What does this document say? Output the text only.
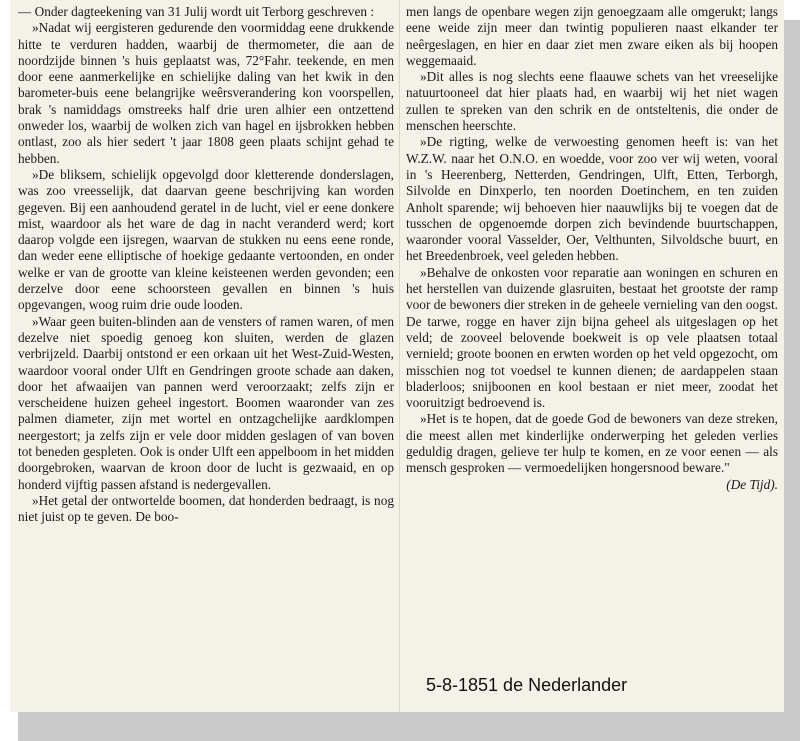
— Onder dagteekening van 31 Julij wordt uit Terborg geschreven :

»Nadat wij eergisteren gedurende den voormiddag eene drukkende hitte te verduren hadden, waarbij de thermometer, die aan de noordzijde binnen 's huis geplaatst was, 72°Fahr. teekende, en men door eene aanmerkelijke en schielijke daling van het kwik in den barometer-buis eene belangrijke weêrsverandering kon voorspellen, brak 's namiddags omstreeks half drie uren alhier een ontzettend onweder los, waarbij de wolken zich van hagel en ijsbrokken hebben ontlast, zoo als hier sedert 't jaar 1808 geen plaats schijnt gehad te hebben.

»De bliksem, schielijk opgevolgd door kletterende donderslagen, was zoo vreesselijk, dat daarvan geene beschrijving kan worden gegeven. Bij een aanhoudend geratel in de lucht, viel er eene donkere mist, waardoor als het ware de dag in nacht veranderd werd; kort daarop volgde een ijsregen, waarvan de stukken nu eens eene ronde, dan weder eene elliptische of hoekige gedaante vertoonden, en onder welke er van de grootte van kleine keisteenen werden gevonden; een derzelve door eene schoorsteen gevallen en binnen 's huis opgevangen, woog ruim drie oude looden.

»Waar geen buiten-blinden aan de vensters of ramen waren, of men dezelve niet spoedig genoeg kon sluiten, werden de glazen verbrijzeld. Daarbij ontstond er een orkaan uit het West-Zuid-Westen, waardoor vooral onder Ulft en Gendringen groote schade aan daken, door het afwaaijen van pannen werd veroorzaakt; zelfs zijn er verscheidene huizen geheel ingestort. Boomen waaronder van zes palmen diameter, zijn met wortel en ontzagchelijke aardklompen neergestort; ja zelfs zijn er vele door midden geslagen of van boven tot beneden gespleten. Ook is onder Ulft een appelboom in het midden doorgebroken, waarvan de kroon door de lucht is gezwaaid, en op honderd vijftig passen afstand is nedergevallen.

»Het getal der ontwortelde boomen, dat honderden bedraagt, is nog niet juist op te geven. De boo-

men langs de openbare wegen zijn genoegzaam alle omgerukt; langs eene weide zijn meer dan twintig populieren naast elkander ter neêrgeslagen, en hier en daar ziet men zware eiken als bij hoopen weggemaaid.

»Dit alles is nog slechts eene flaauwe schets van het vreeselijke natuurtooneel dat hier plaats had, en waarbij wij het niet wagen zullen te spreken van den schrik en de ontsteltenis, die onder de menschen heerschte.

»De rigting, welke de verwoesting genomen heeft is: van het W.Z.W. naar het O.N.O. en woedde, voor zoo ver wij weten, vooral in 's Heerenberg, Netterden, Gendringen, Ulft, Etten, Terborgh, Silvolde en Dinxperlo, ten noorden Doetinchem, en ten zuiden Anholt sparende; wij behoeven hier naauwlijks bij te voegen dat de tusschen de opgenoemde dorpen zich bevindende buurtschappen, waaronder vooral Vasselder, Oer, Velthunten, Silvoldsche buurt, en het Breedenbroek, veel geleden hebben.

»Behalve de onkosten voor reparatie aan woningen en schuren en het herstellen van duizende glasruiten, bestaat het grootste der ramp voor de bewoners dier streken in de geheele vernieling van den oogst. De tarwe, rogge en haver zijn bijna geheel als uitgeslagen op het veld; de zooveel belovende boekweit is op vele plaatsen totaal vernield; groote boonen en erwten worden op het veld opgezocht, om misschien nog tot voedsel te kunnen dienen; de aardappelen staan bladerloos; snijboonen en kool bestaan er niet meer, zoodat het vooruitzigt bedroevend is.

»Het is te hopen, dat de goede God de bewoners van deze streken, die meest allen met kinderlijke onderwerping het geleden verlies geduldig dragen, gelieve ter hulp te komen, en ze voor eenen — als mensch gesproken — vermoedelijken hongersnood beware."

(De Tijd).

5-8-1851 de Nederlander
